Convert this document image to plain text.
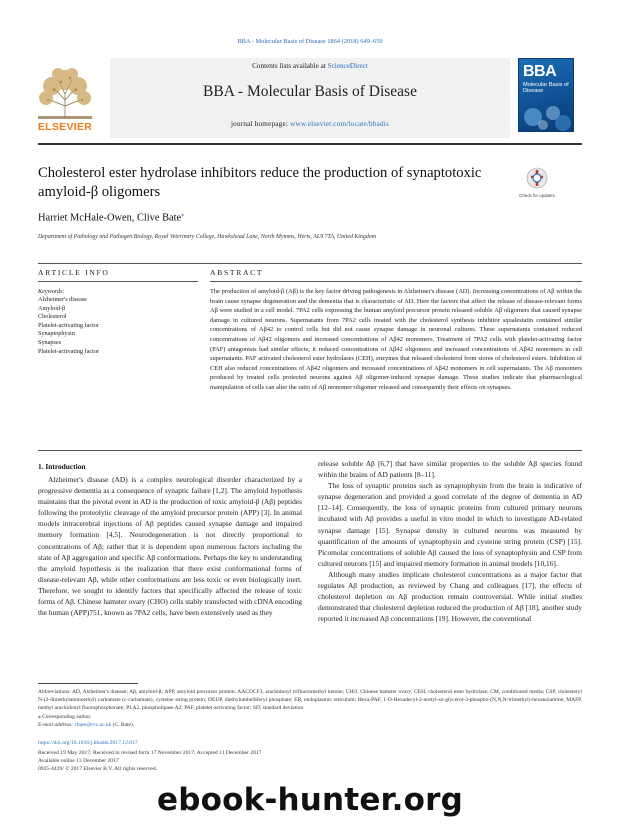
BBA - Molecular Basis of Disease 1864 (2018) 649–659
ELSEVIER
Contents lists available at ScienceDirect
BBA - Molecular Basis of Disease
journal homepage: www.elsevier.com/locate/bbadis
BBA
Molecular Basis of Disease
Cholesterol ester hydrolase inhibitors reduce the production of synaptotoxic
amyloid-β oligomers	Check for updates
Harriet McHale-Owen, Clive Bate⁎
Department of Pathology and Pathogen Biology, Royal Veterinary College, Hawkshead Lane, North Mymms, Herts, AL9 7TA, United Kingdom
ARTICLE INFO	ABSTRACT
Keywords:
Alzheimer's disease
Amyloid-β
Cholesterol
Platelet-activating factor
Synaptophysin
Synapses
Platelet-activating factor
The production of amyloid-β (Aβ) is the key factor driving pathogenesis in Alzheimer's disease (AD). Increasing concentrations of Aβ within the brain cause synapse degeneration and the dementia that is characteristic of AD. Here the factors that affect the release of disease-relevant forms Aβ were studied in a cell model. 7PA2 cells expressing the human amyloid precursor protein released soluble Aβ oligomers that caused synapse damage in cultured neurons. Supernatants from 7PA2 cells treated with the cholesterol synthesis inhibitor squalestatin contained similar concentrations of Aβ42 to control cells but did not cause synapse damage in neuronal cultures. These supernatants contained reduced concentrations of Aβ42 oligomers and increased concentrations of Aβ42 monomers. Treatment of 7PA2 cells with platelet-activating factor (PAF) antagonists had similar effects; it reduced concentrations of Aβ42 oligomers and increased concentrations of Aβ42 monomers in cell supernatants. PAF activated cholesterol ester hydrolases (CEH), enzymes that released cholesterol from stores of cholesterol esters. Inhibition of CEH also reduced concentrations of Aβ42 oligomers and increased concentrations of Aβ42 monomers in cell supernatants. The Aβ monomers produced by treated cells protected neurons against Aβ oligomer-induced synapse damage. These studies indicate that pharmacological manipulation of cells can alter the ratio of Aβ monomer:oligomer released and consequently their effects on synapses.
1. Introduction

Alzheimer's disease (AD) is a complex neurological disorder characterized by a progressive dementia as a consequence of synaptic failure [1,2]. The amyloid hypothesis maintains that the pivotal event in AD is the production of toxic amyloid-β (Aβ) peptides following the proteolytic cleavage of the amyloid precursor protein (APP) [3]. In animal models intracerebral injections of Aβ peptides caused synapse damage and impaired memory formation [4,5]. Neurodegeneration is not directly proportional to concentrations of Aβ; rather that it is dependent upon numerous factors including the state of Aβ aggregation and specific Aβ conformations. Perhaps the key to understanding the amyloid hypothesis is the realization that there exist conformational forms of disease-relevant Aβ, while other conformations are less toxic or even biologically inert. Therefore, we sought to identify factors that specifically affected the release of toxic forms of Aβ. Chinese hamster ovary (CHO) cells stably transfected with cDNA encoding the human (APP)751, known as 7PA2 cells, have been extensively used as they

release soluble Aβ [6,7] that have similar properties to the soluble Aβ species found within the brains of AD patients [8–11].

The loss of synaptic proteins such as synaptophysin from the brain is indicative of synapse degeneration and provided a good correlate of the degree of dementia in AD [12–14]. Consequently, the loss of synaptic proteins from cultured primary neurons incubated with Aβ provides a useful in vitro model in which to investigate AD-related synapse damage [15]. Synapse density in cultured neurons was measured by quantification of the amounts of synaptophysin and cysteine string protein (CSP) [15]. Picomolar concentrations of soluble Aβ caused the loss of synaptophysin and CSP from cultured neurons [15] and impaired memory formation in animal models [10,16].

Although many studies implicate cholesterol concentrations as a major factor that regulates Aβ production, as reviewed by Chang and colleagues [17], the effects of cholesterol depletion on Aβ production remain controversial. While initial studies demonstrated that cholesterol depletion reduced the production of Aβ [18], another study reported it increased Aβ concentrations [19]. However, the conventional

Abbreviations: AD, Alzheimer's disease; Aβ, amyloid-β; APP, amyloid precursor protein; AACOCF3, arachidonyl trifluoromethyl ketone; CHO, Chinese hamster ovary; CEH, cholesterol ester hydrolase; CM, conditioned media; CSP, cholesteryl N-(2-dimethylaminoethyl) carbamate (c-carbamate), cysteine string protein; DEUP, diethylumbelliferyl phosphate; ER, endoplasmic reticulum; Hexa-PAF, 1-O-Hexadecyl-2-acetyl-sn-glycerol-3-phospho-(N,N,N-trimethyl)-hexanolamine; MAFP, methyl arachidonyl fluorophosphonate; PLA2, phospholipase A2; PAF, platelet-activating factor; SD, standard deviation
⁎ Corresponding author.
E-mail address: cbate@rvc.ac.uk (C. Bate).
https://doi.org/10.1016/j.bbadis.2017.12.017
Received 19 May 2017; Received in revised form 17 November 2017; Accepted 11 December 2017
Available online 13 December 2017
0925-4439/ © 2017 Elsevier B.V. All rights reserved.
ebook-hunter.org
